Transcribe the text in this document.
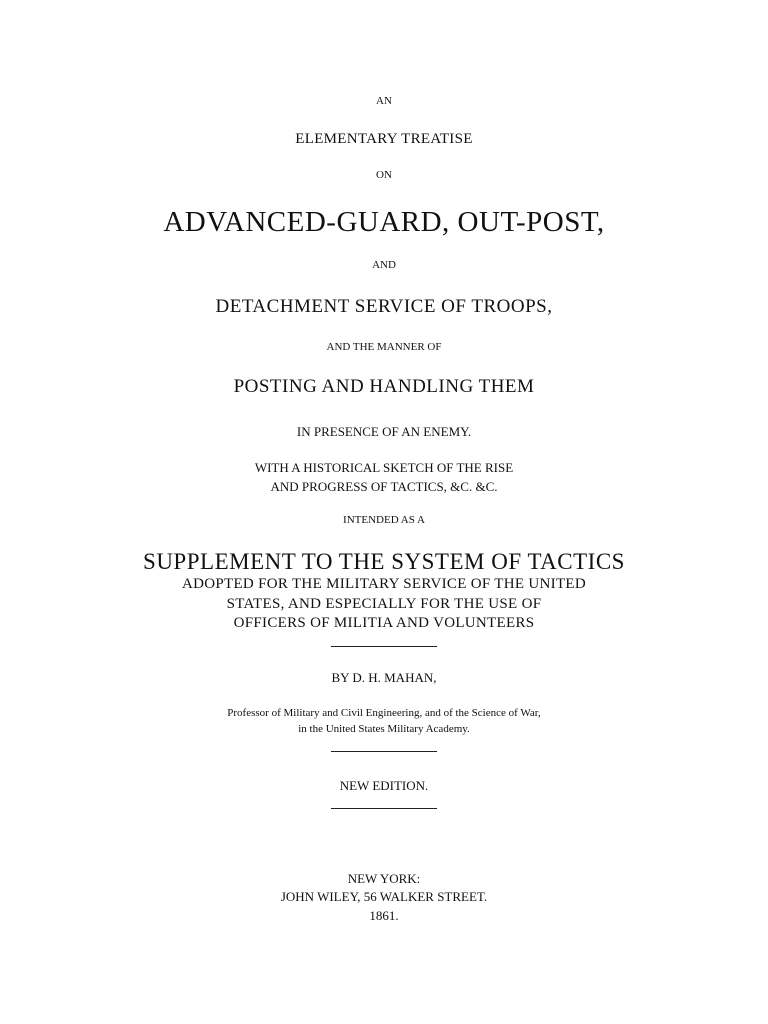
AN
ELEMENTARY TREATISE
ON
ADVANCED-GUARD, OUT-POST,
AND
DETACHMENT SERVICE OF TROOPS,
AND THE MANNER OF
POSTING AND HANDLING THEM
IN PRESENCE OF AN ENEMY.
WITH A HISTORICAL SKETCH OF THE RISE
AND PROGRESS OF TACTICS, &C. &C.
INTENDED AS A
SUPPLEMENT TO THE SYSTEM OF TACTICS
ADOPTED FOR THE MILITARY SERVICE OF THE UNITED
STATES, AND ESPECIALLY FOR THE USE OF
OFFICERS OF MILITIA AND VOLUNTEERS
BY D. H. MAHAN,
Professor of Military and Civil Engineering, and of the Science of War,
in the United States Military Academy.
NEW EDITION.
NEW YORK:
JOHN WILEY, 56 WALKER STREET.
1861.
